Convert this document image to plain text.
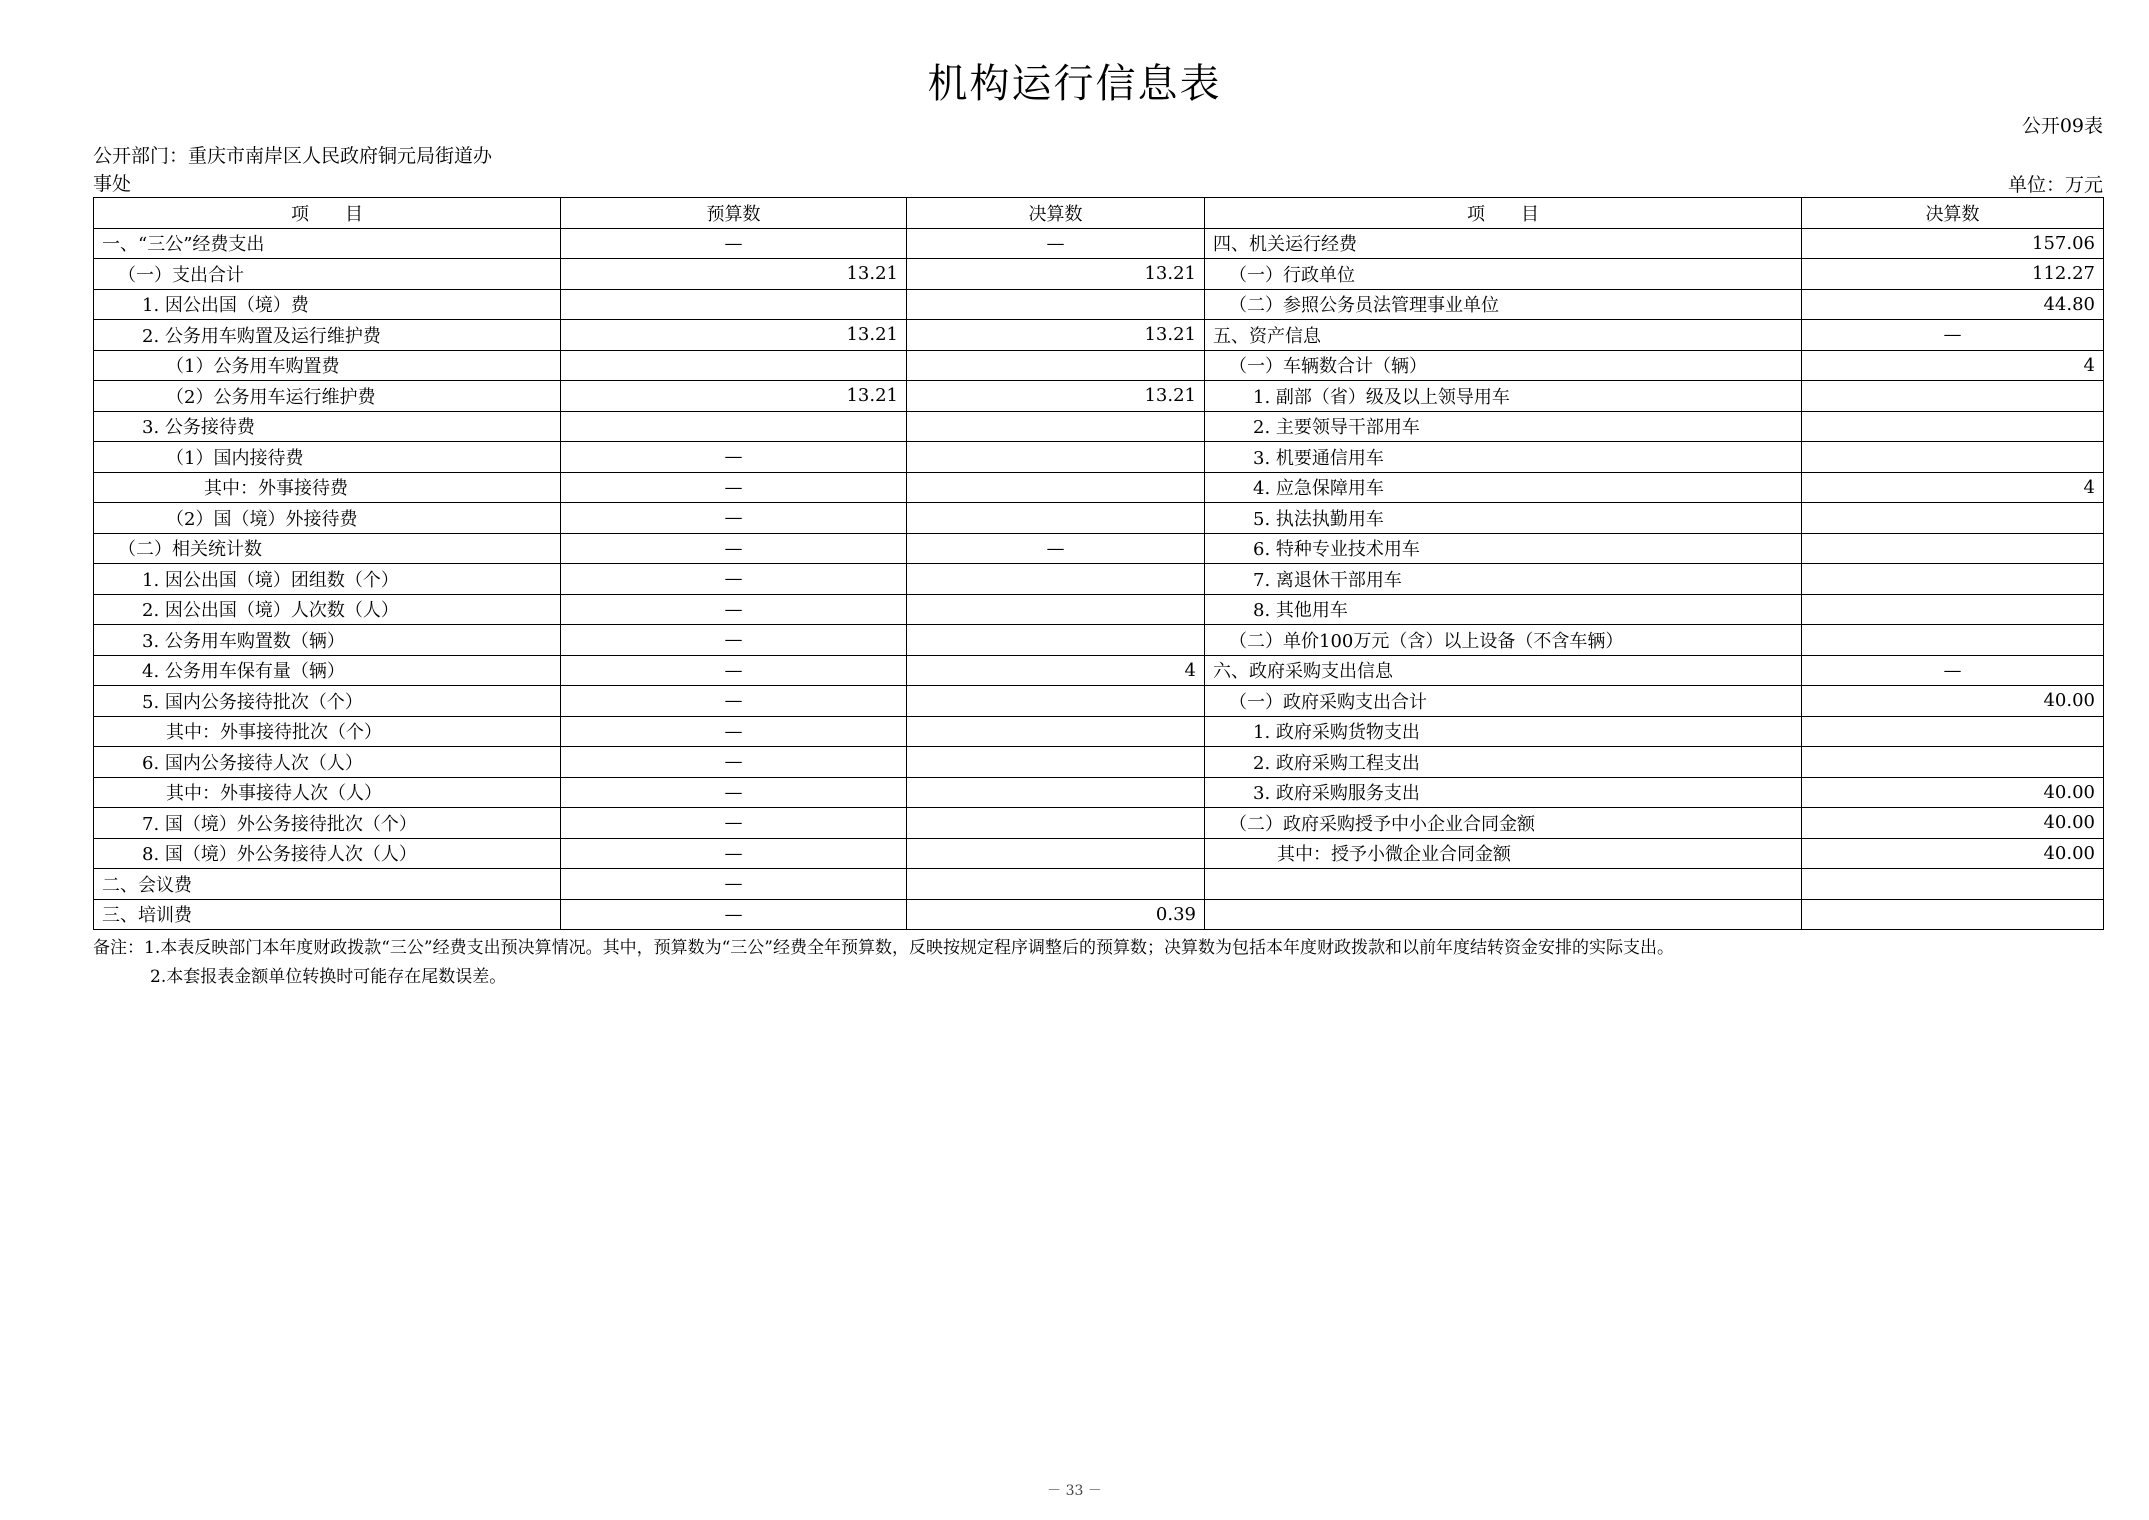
机构运行信息表
公开09表
公开部门：重庆市南岸区人民政府铜元局街道办
事处	单位：万元
项　　目	预算数	决算数	项　　目	决算数
一、“三公”经费支出	—	—	四、机关运行经费	157.06
（一）支出合计	13.21	13.21	（一）行政单位	112.27
1. 因公出国（境）费			（二）参照公务员法管理事业单位	44.80
2. 公务用车购置及运行维护费	13.21	13.21	五、资产信息	—
（1）公务用车购置费			（一）车辆数合计（辆）	4
（2）公务用车运行维护费	13.21	13.21	1. 副部（省）级及以上领导用车	
3. 公务接待费			2. 主要领导干部用车	
（1）国内接待费	—		3. 机要通信用车	
其中：外事接待费	—		4. 应急保障用车	4
（2）国（境）外接待费	—		5. 执法执勤用车	
（二）相关统计数	—	—	6. 特种专业技术用车	
1. 因公出国（境）团组数（个）	—		7. 离退休干部用车	
2. 因公出国（境）人次数（人）	—		8. 其他用车	
3. 公务用车购置数（辆）	—		（二）单价100万元（含）以上设备（不含车辆）	
4. 公务用车保有量（辆）	—	4	六、政府采购支出信息	—
5. 国内公务接待批次（个）	—		（一）政府采购支出合计	40.00
其中：外事接待批次（个）	—		1. 政府采购货物支出	
6. 国内公务接待人次（人）	—		2. 政府采购工程支出	
其中：外事接待人次（人）	—		3. 政府采购服务支出	40.00
7. 国（境）外公务接待批次（个）	—		（二）政府采购授予中小企业合同金额	40.00
8. 国（境）外公务接待人次（人）	—		其中：授予小微企业合同金额	40.00
二、会议费	—			
三、培训费	—	0.39		
备注：1.本表反映部门本年度财政拨款“三公”经费支出预决算情况。其中，预算数为“三公”经费全年预算数，反映按规定程序调整后的预算数；决算数为包括本年度财政拨款和以前年度结转资金安排的实际支出。
2.本套报表金额单位转换时可能存在尾数误差。
－ 33 －
